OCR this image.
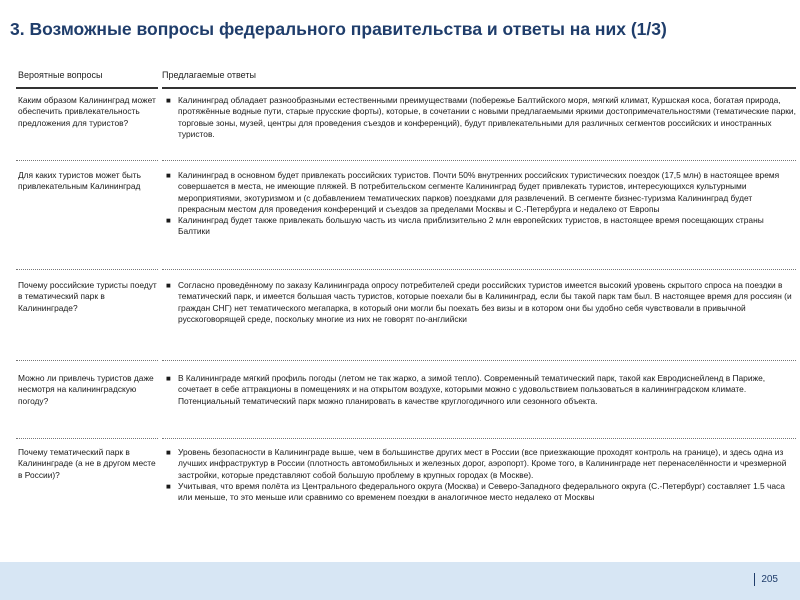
3. Возможные вопросы федерального правительства и ответы на них (1/3)
Вероятные вопросы	Предлагаемые ответы
Каким образом Калининград может обеспечить привлекательность предложения для туристов?
■ Калининград обладает разнообразными естественными преимуществами (побережье Балтийского моря, мягкий климат, Куршская коса, богатая природа, протяжённые водные пути, старые прусские форты), которые, в сочетании с новыми предлагаемыми яркими достопримечательностями (тематические парки, торговые зоны, музей, центры для проведения съездов и конференций), будут привлекательными для различных сегментов российских и иностранных туристов.
Для каких туристов может быть привлекательным Калининград
■ Калининград в основном будет привлекать российских туристов. Почти 50% внутренних российских туристических поездок (17,5 млн) в настоящее время совершается в места, не имеющие пляжей. В потребительском сегменте Калининград будет привлекать туристов, интересующихся культурными мероприятиями, экотуризмом и (с добавлением тематических парков) поездками для развлечений. В сегменте бизнес-туризма Калининград будет прекрасным местом для проведения конференций и съездов за пределами Москвы и С.-Петербурга и недалеко от Европы
■ Калининград будет также привлекать большую часть из числа приблизительно 2 млн европейских туристов, в настоящее время посещающих страны Балтики
Почему российские туристы поедут в тематический парк в Калининграде?
■ Согласно проведённому по заказу Калининграда опросу потребителей среди российских туристов имеется высокий уровень скрытого спроса на поездки в тематический парк, и имеется большая часть туристов, которые поехали бы в Калининград, если бы такой парк там был. В настоящее время для россиян (и граждан СНГ) нет тематического мегапарка, в который они могли бы поехать без визы и в котором они бы удобно себя чувствовали в привычной русскоговорящей среде, поскольку многие из них не говорят по-английски
Можно ли привлечь туристов даже несмотря на калининградскую погоду?
■ В Калининграде мягкий профиль погоды (летом не так жарко, а зимой тепло). Современный тематический парк, такой как Евродиснейленд в Париже, сочетает в себе аттракционы в помещениях и на открытом воздухе, которыми можно с удовольствием пользоваться в калининградском климате. Потенциальный тематический парк можно планировать в качестве круглогодичного или сезонного объекта.
Почему тематический парк в Калининграде (а не в другом месте в России)?
■ Уровень безопасности в Калининграде выше, чем в большинстве других мест в России (все приезжающие проходят контроль на границе), и здесь одна из лучших инфраструктур в России (плотность автомобильных и железных дорог, аэропорт). Кроме того, в Калининграде нет перенаселённости и чрезмерной застройки, которые представляют собой большую проблему в крупных городах (в Москве).
■ Учитывая, что время полёта из Центрального федерального округа (Москва) и Северо-Западного федерального округа (С.-Петербург) составляет 1.5 часа или меньше, то это меньше или сравнимо со временем поездки в аналогичное место недалеко от Москвы
205
